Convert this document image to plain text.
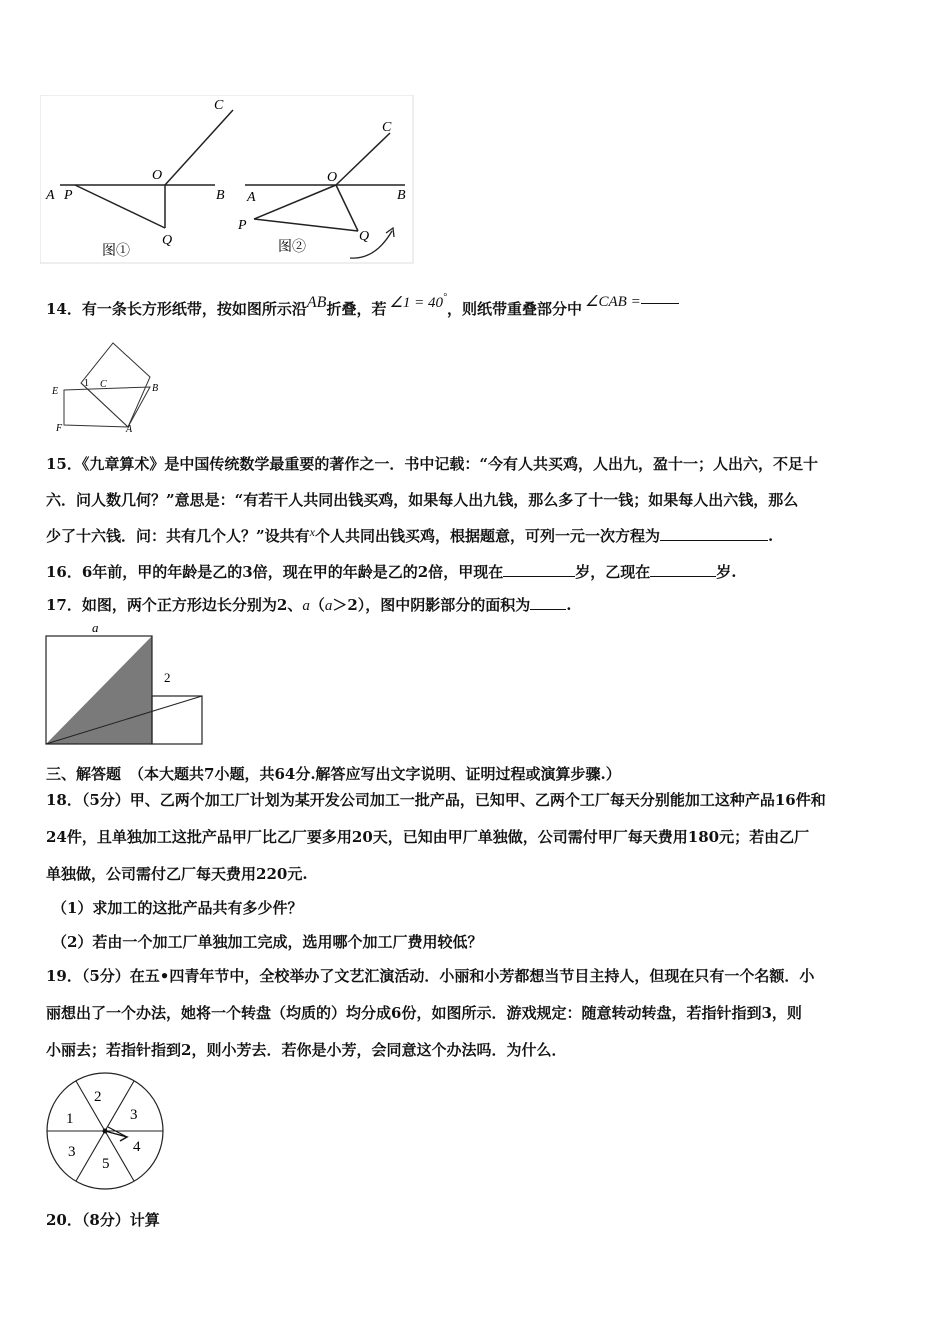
C
O
A P	B
Q
图①
C
O
A
P
B
Q
图②
14．有一条长方形纸带，按如图所示沿AB折叠，若 ∠1 = 40°，则纸带重叠部分中 ∠CAB =
E
1 C	B
F	A
15．《九章算术》是中国传统数学最重要的著作之一．书中记载：“今有人共买鸡，人出九，盈十一；人出六，不足十
六．问人数几何？”意思是：“有若干人共同出钱买鸡，如果每人出九钱，那么多了十一钱；如果每人出六钱，那么
少了十六钱．问：共有几个人？”设共有$^x$个人共同出钱买鸡，根据题意，可列一元一次方程为	.
16．6年前，甲的年龄是乙的3倍，现在甲的年龄是乙的2倍，甲现在	岁，乙现在	岁.
17．如图，两个正方形边长分别为2、a（a＞2），图中阴影部分的面积为 .
a
2
三、解答题 （本大题共7小题，共64分.解答应写出文字说明、证明过程或演算步骤.）
18．（5分）甲、乙两个加工厂计划为某开发公司加工一批产品，已知甲、乙两个工厂每天分别能加工这种产品16件和
24件，且单独加工这批产品甲厂比乙厂要多用20天，已知由甲厂单独做，公司需付甲厂每天费用180元；若由乙厂
单独做，公司需付乙厂每天费用220元.
（1）求加工的这批产品共有多少件？
（2）若由一个加工厂单独加工完成，选用哪个加工厂费用较低？
19．（5分）在五•四青年节中，全校举办了文艺汇演活动．小丽和小芳都想当节目主持人，但现在只有一个名额．小
丽想出了一个办法，她将一个转盘（均质的）均分成6份，如图所示．游戏规定：随意转动转盘，若指针指到3，则
小丽去；若指针指到2，则小芳去．若你是小芳，会同意这个办法吗．为什么．
1
2
3
4
5
3
20．（8分）计算
